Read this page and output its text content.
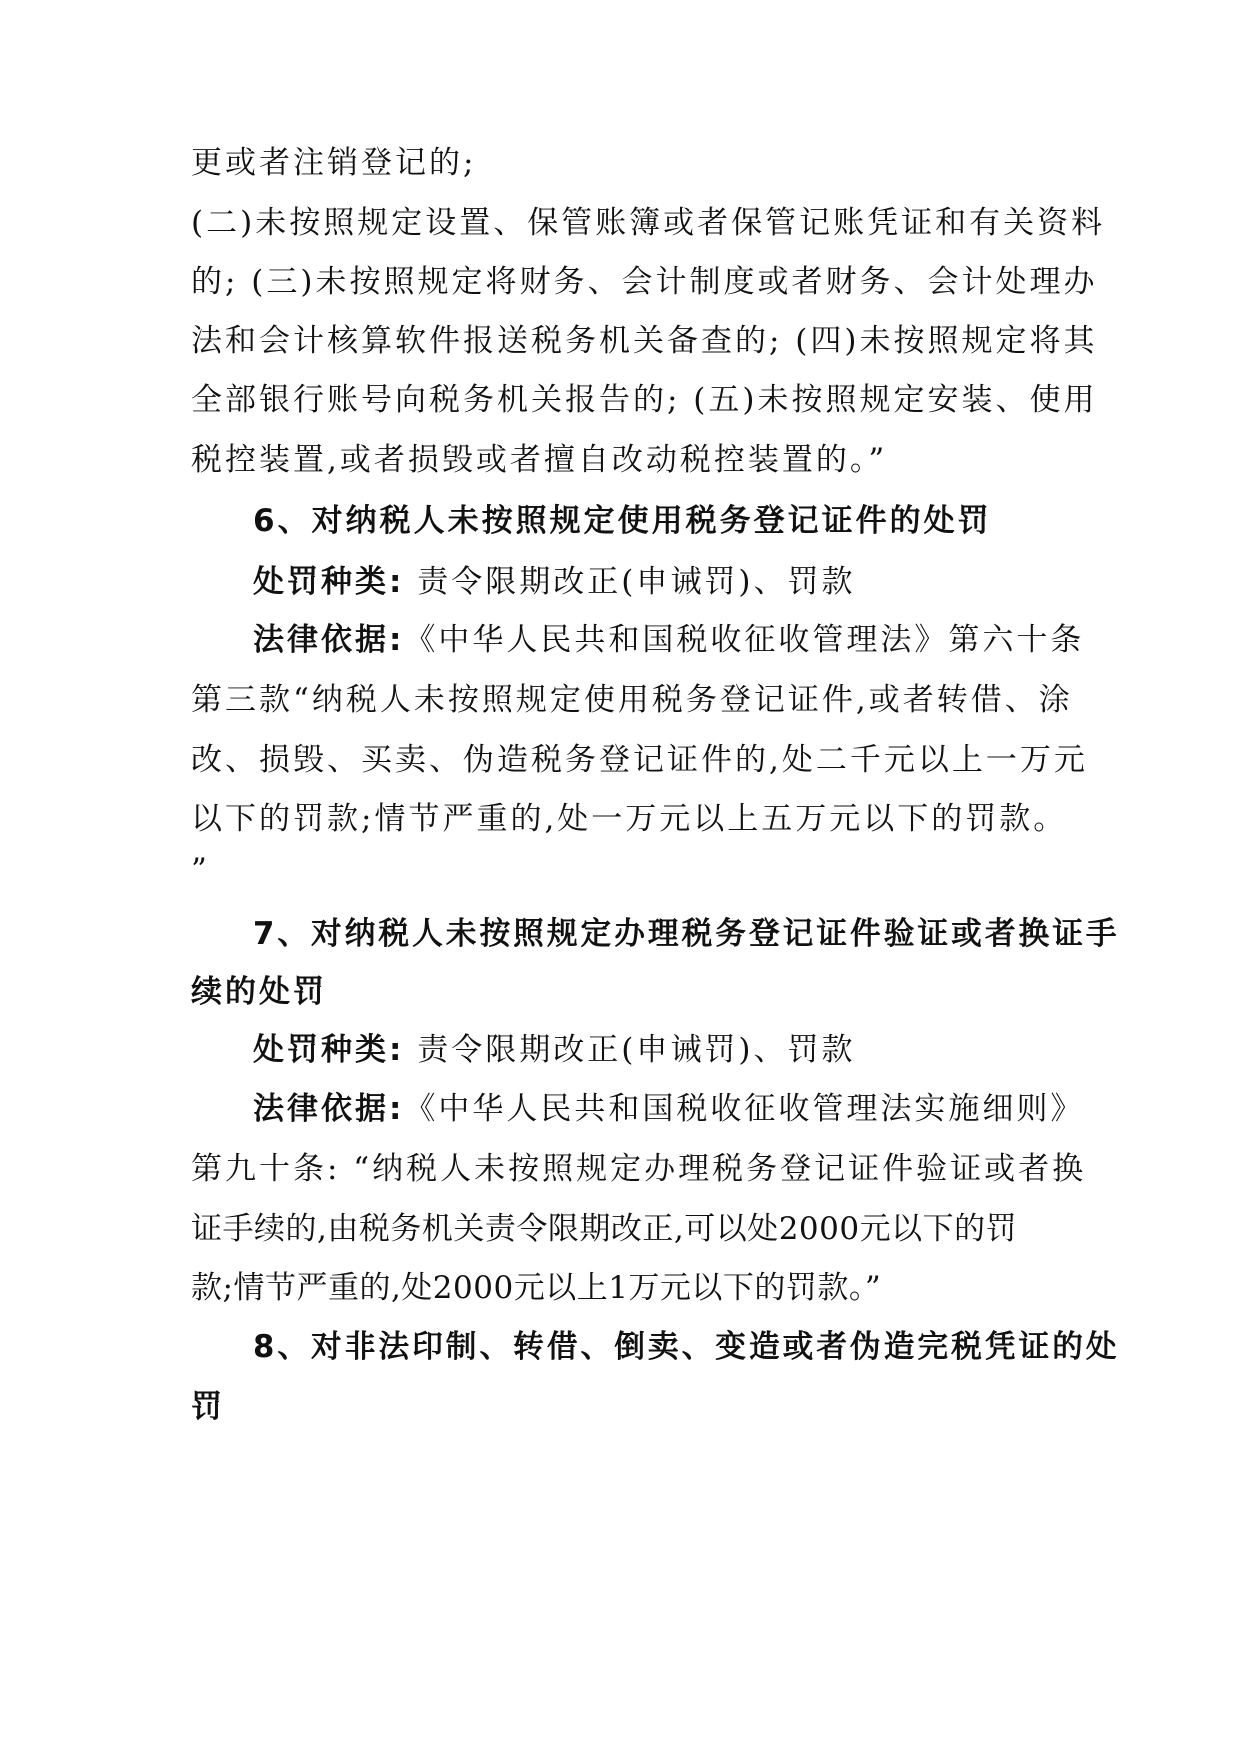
更或者注销登记的;
(二)未按照规定设置、保管账簿或者保管记账凭证和有关资料
的; (三)未按照规定将财务、会计制度或者财务、会计处理办
法和会计核算软件报送税务机关备查的; (四)未按照规定将其
全部银行账号向税务机关报告的; (五)未按照规定安装、使用
税控装置,或者损毁或者擅自改动税控装置的。”
6、对纳税人未按照规定使用税务登记证件的处罚
处罚种类: 责令限期改正(申诫罚)、罚款
法律依据:《中华人民共和国税收征收管理法》第六十条
第三款“纳税人未按照规定使用税务登记证件,或者转借、涂
改、损毁、买卖、伪造税务登记证件的,处二千元以上一万元
以下的罚款;情节严重的,处一万元以上五万元以下的罚款。
”
7、对纳税人未按照规定办理税务登记证件验证或者换证手
续的处罚
处罚种类: 责令限期改正(申诫罚)、罚款
法律依据:《中华人民共和国税收征收管理法实施细则》
第九十条: “纳税人未按照规定办理税务登记证件验证或者换
证手续的,由税务机关责令限期改正,可以处2000元以下的罚
款;情节严重的,处2000元以上1万元以下的罚款。”
8、对非法印制、转借、倒卖、变造或者伪造完税凭证的处
罚
